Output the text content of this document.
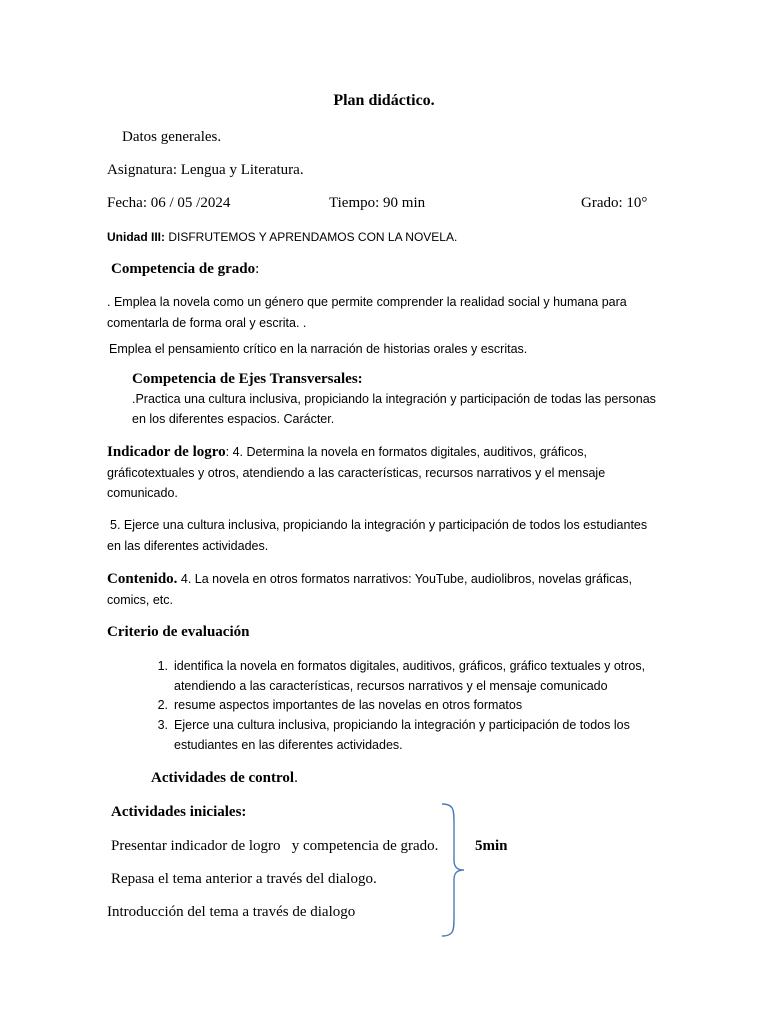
Plan didáctico.
Datos generales.
Asignatura: Lengua y Literatura.
Fecha: 06 / 05 /2024	Tiempo: 90 min	Grado: 10°
Unidad III: DISFRUTEMOS Y APRENDAMOS CON LA NOVELA.
Competencia de grado:
. Emplea la novela como un género que permite comprender la realidad social y humana para
comentarla de forma oral y escrita. .
Emplea el pensamiento crítico en la narración de historias orales y escritas.
Competencia de Ejes Transversales:
.Practica una cultura inclusiva, propiciando la integración y participación de todas las personas
en los diferentes espacios. Carácter.
Indicador de logro: 4. Determina la novela en formatos digitales, auditivos, gráficos,
gráficotextuales y otros, atendiendo a las características, recursos narrativos y el mensaje
comunicado.
5. Ejerce una cultura inclusiva, propiciando la integración y participación de todos los estudiantes
en las diferentes actividades.
Contenido. 4. La novela en otros formatos narrativos: YouTube, audiolibros, novelas gráficas,
comics, etc.
Criterio de evaluación
1. identifica la novela en formatos digitales, auditivos, gráficos, gráfico textuales y otros,
atendiendo a las características, recursos narrativos y el mensaje comunicado
2. resume aspectos importantes de las novelas en otros formatos
3. Ejerce una cultura inclusiva, propiciando la integración y participación de todos los
estudiantes en las diferentes actividades.
Actividades de control.
Actividades iniciales:
Presentar indicador de logro   y competencia de grado.
Repasa el tema anterior a través del dialogo.
Introducción del tema a través de dialogo
5min
